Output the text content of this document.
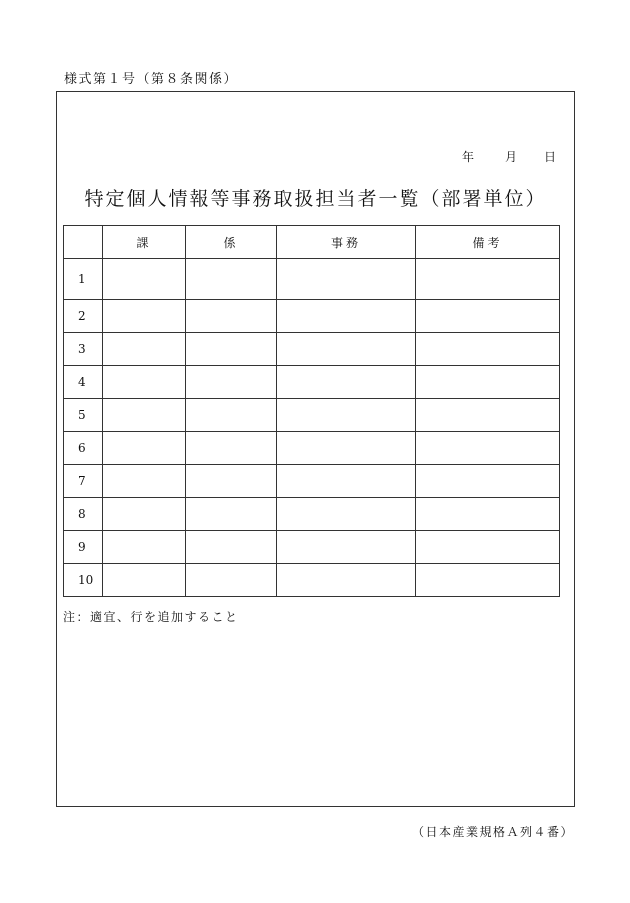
様式第１号（第８条関係）
年	月 日
特定個人情報等事務取扱担当者一覧（部署単位）
	課	係	事務	備考
1				
2				
3				
4				
5				
6				
7				
8				
9				
10				
注：適宜、行を追加すること
（日本産業規格Ａ列４番）
